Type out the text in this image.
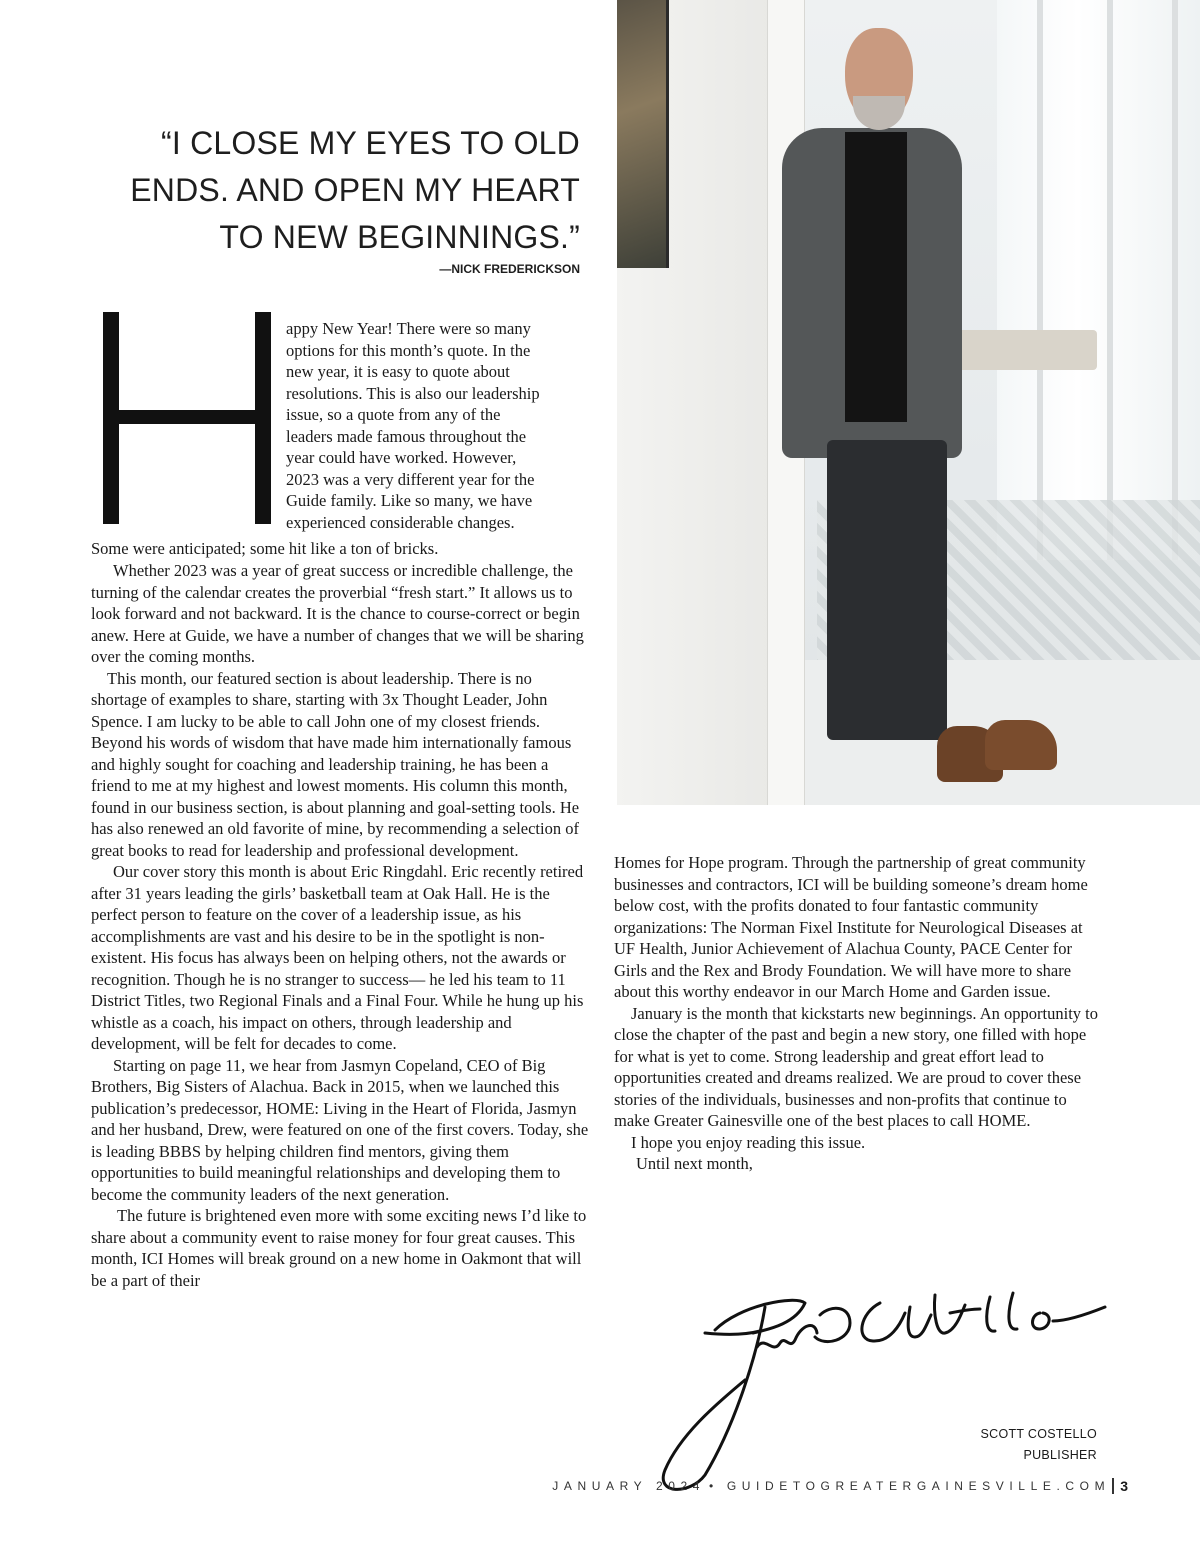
“I CLOSE MY EYES TO OLD
ENDS. AND OPEN MY HEART
TO NEW BEGINNINGS.”
—NICK FREDERICKSON
appy New Year! There were so many
options for this month’s quote. In the
new year, it is easy to quote about
resolutions. This is also our leadership
issue, so a quote from any of the
leaders made famous throughout the
year could have worked. However,
2023 was a very different year for the
Guide family. Like so many, we have
experienced considerable changes.
Some were anticipated; some hit like a ton of bricks.

Whether 2023 was a year of great success or incredible challenge, the turning of the calendar creates the proverbial “fresh start.” It allows us to look forward and not backward. It is the chance to course-correct or begin anew. Here at Guide, we have a number of changes that we will be sharing over the coming months.

This month, our featured section is about leadership. There is no shortage of examples to share, starting with 3x Thought Leader, John Spence. I am lucky to be able to call John one of my closest friends. Beyond his words of wisdom that have made him internationally famous and highly sought for coaching and leadership training, he has been a friend to me at my highest and lowest moments. His column this month, found in our business section, is about planning and goal-setting tools. He has also renewed an old favorite of mine, by recommending a selection of great books to read for leadership and professional development.

Our cover story this month is about Eric Ringdahl. Eric recently retired after 31 years leading the girls’ basketball team at Oak Hall. He is the perfect person to feature on the cover of a leadership issue, as his accomplishments are vast and his desire to be in the spotlight is non-existent. His focus has always been on helping others, not the awards or recognition. Though he is no stranger to success— he led his team to 11 District Titles, two Regional Finals and a Final Four. While he hung up his whistle as a coach, his impact on others, through leadership and development, will be felt for decades to come.

Starting on page 11, we hear from Jasmyn Copeland, CEO of Big Brothers, Big Sisters of Alachua. Back in 2015, when we launched this publication’s predecessor, HOME: Living in the Heart of Florida, Jasmyn and her husband, Drew, were featured on one of the first covers. Today, she is leading BBBS by helping children find mentors, giving them opportunities to build meaningful relationships and developing them to become the community leaders of the next generation.

The future is brightened even more with some exciting news I’d like to share about a community event to raise money for four great causes. This month, ICI Homes will break ground on a new home in Oakmont that will be a part of their

Homes for Hope program. Through the partnership of great community businesses and contractors, ICI will be building someone’s dream home below cost, with the profits donated to four fantastic community organizations: The Norman Fixel Institute for Neurological Diseases at UF Health, Junior Achievement of Alachua County, PACE Center for Girls and the Rex and Brody Foundation. We will have more to share about this worthy endeavor in our March Home and Garden issue.

January is the month that kickstarts new beginnings. An opportunity to close the chapter of the past and begin a new story, one filled with hope for what is yet to come. Strong leadership and great effort lead to opportunities created and dreams realized. We are proud to cover these stories of the individuals, businesses and non-profits that continue to make Greater Gainesville one of the best places to call HOME.

I hope you enjoy reading this issue.

Until next month,

SCOTT COSTELLO
PUBLISHER
JANUARY 2024 • GUIDETOGREATERGAINESVILLE.COM 3
